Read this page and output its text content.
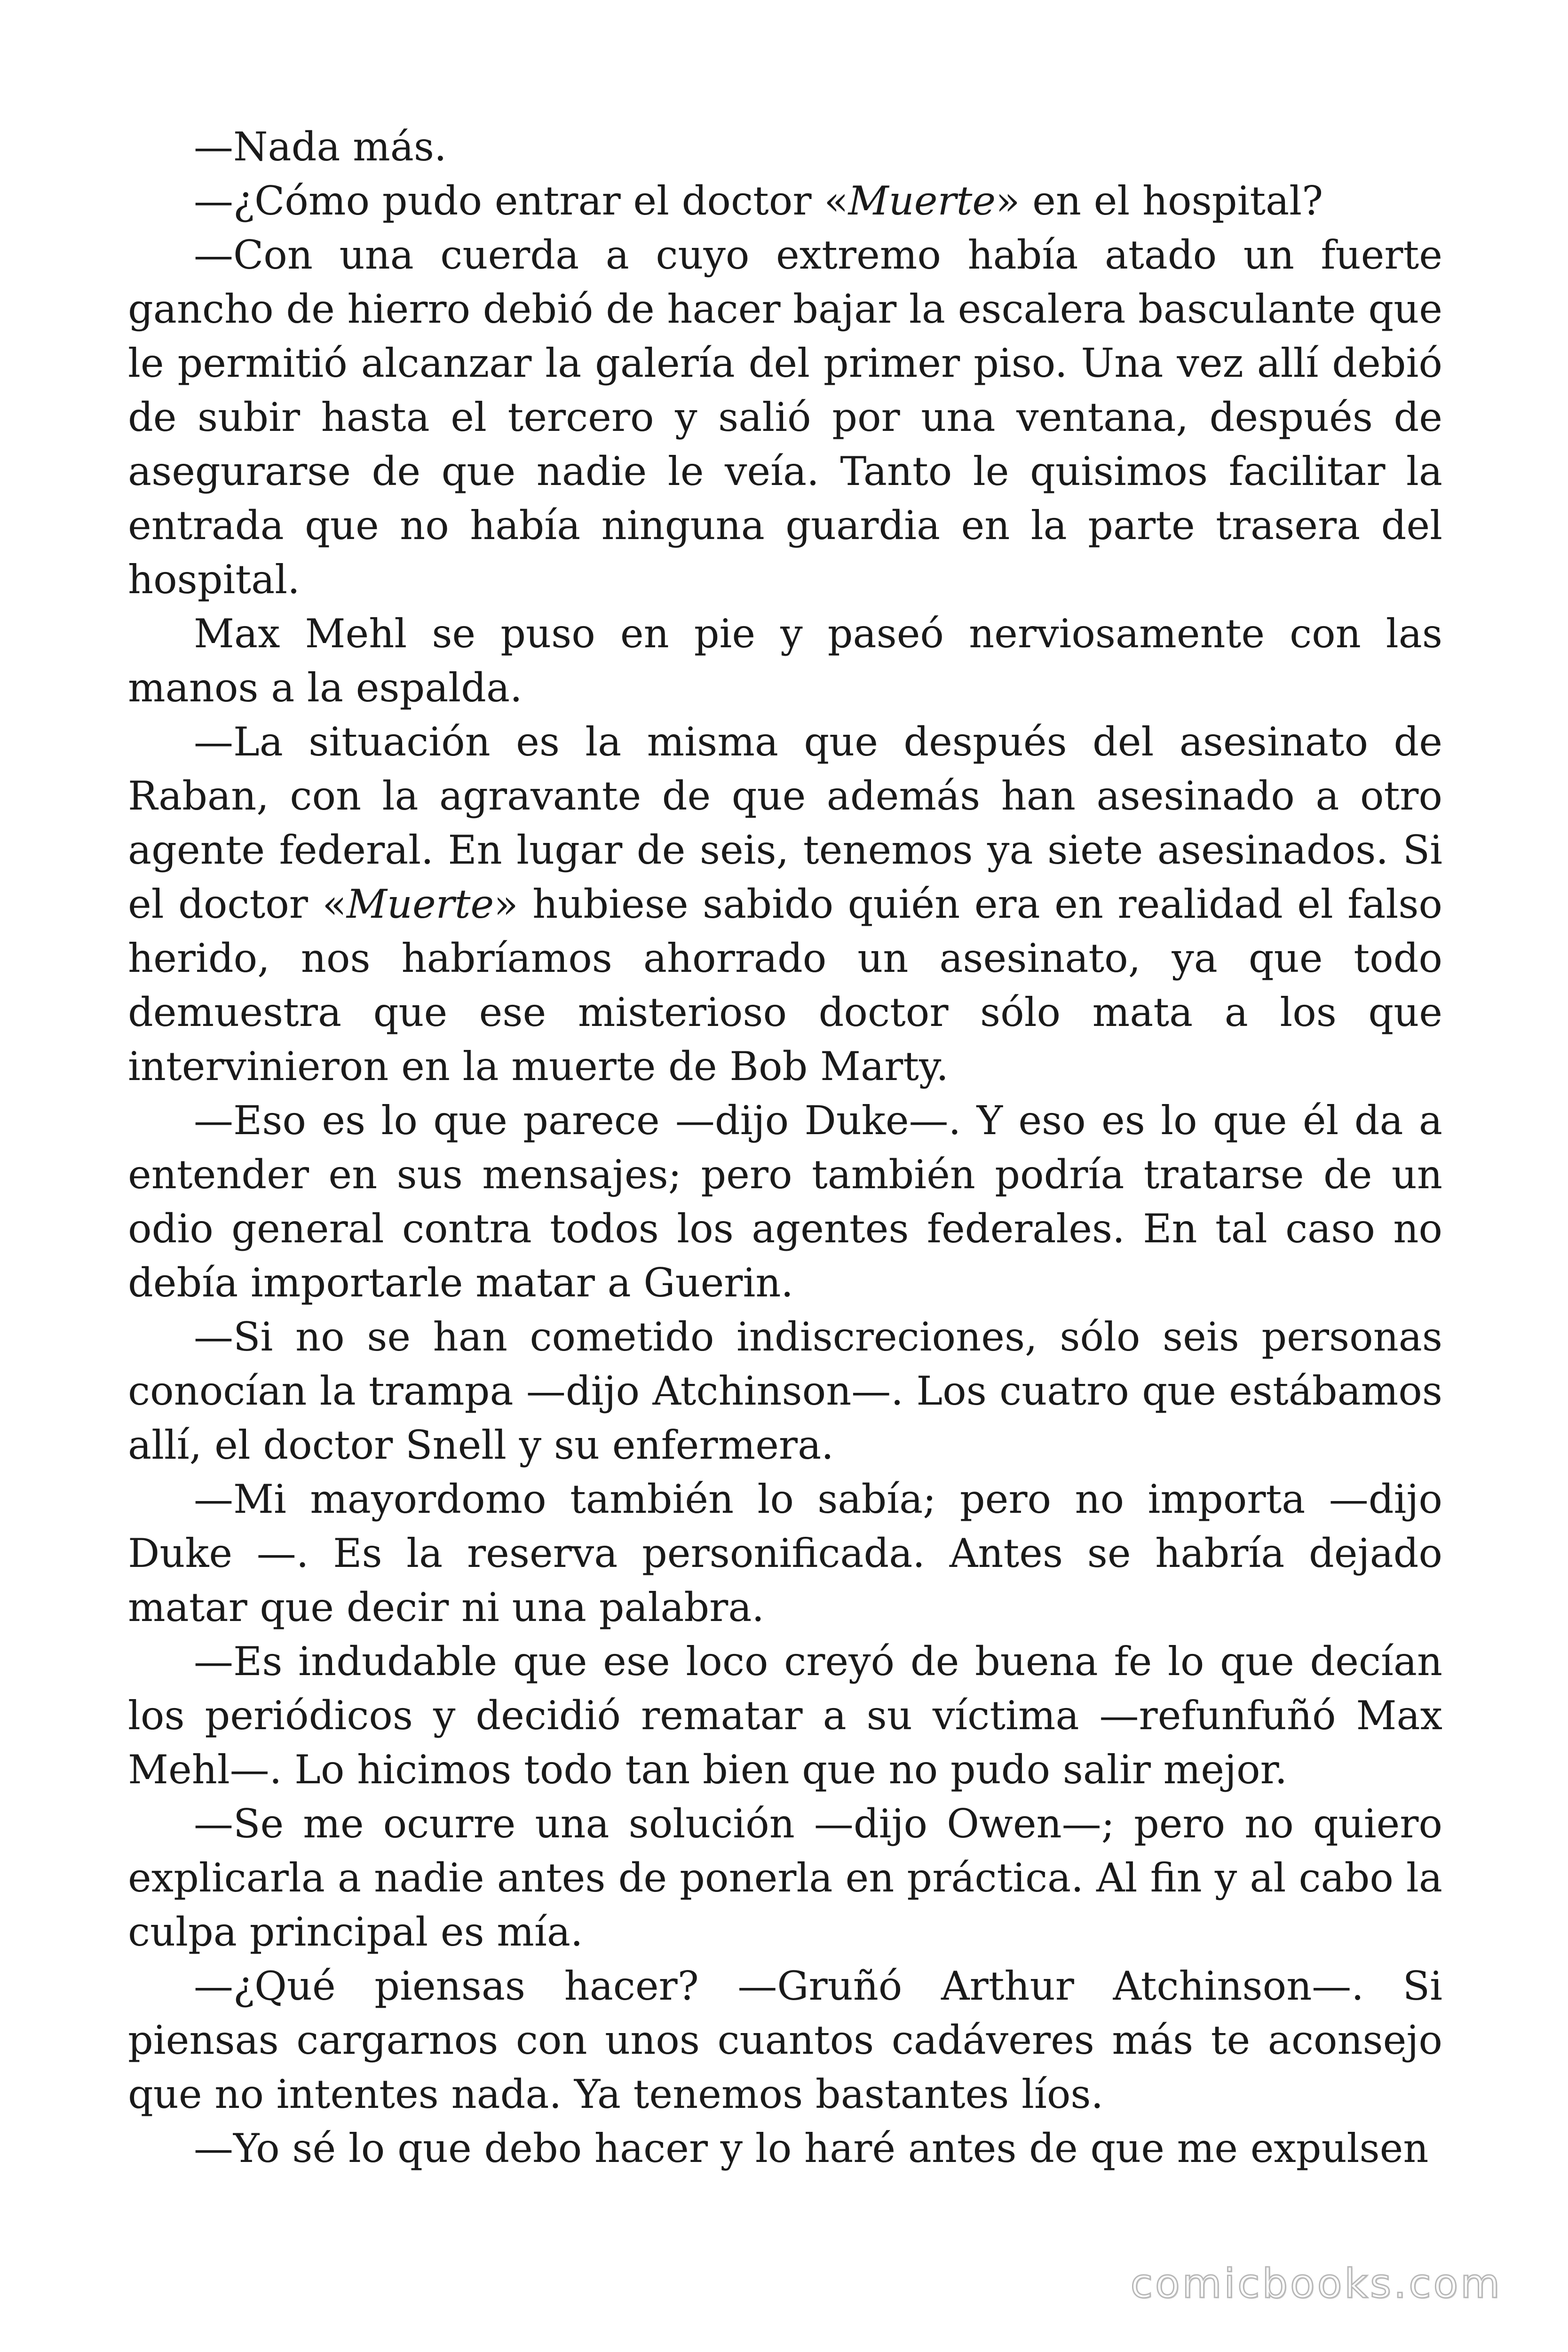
—Nada más.

—¿Cómo pudo entrar el doctor «Muerte» en el hospital?

—Con una cuerda a cuyo extremo había atado un fuerte gancho de hierro debió de hacer bajar la escalera basculante que le permitió alcanzar la galería del primer piso. Una vez allí debió de subir hasta el tercero y salió por una ventana, después de asegurarse de que nadie le veía. Tanto le quisimos facilitar la entrada que no había ninguna guardia en la parte trasera del hospital.

Max Mehl se puso en pie y paseó nerviosamente con las manos a la espalda.

—La situación es la misma que después del asesinato de Raban, con la agravante de que además han asesinado a otro agente federal. En lugar de seis, tenemos ya siete asesinados. Si el doctor «Muerte» hubiese sabido quién era en realidad el falso herido, nos habríamos ahorrado un asesinato, ya que todo demuestra que ese misterioso doctor sólo mata a los que intervinieron en la muerte de Bob Marty.

—Eso es lo que parece —dijo Duke—. Y eso es lo que él da a entender en sus mensajes; pero también podría tratarse de un odio general contra todos los agentes federales. En tal caso no debía importarle matar a Guerin.

—Si no se han cometido indiscreciones, sólo seis personas conocían la trampa —dijo Atchinson—. Los cuatro que estábamos allí, el doctor Snell y su enfermera.

—Mi mayordomo también lo sabía; pero no importa —dijo Duke —. Es la reserva personificada. Antes se habría dejado matar que decir ni una palabra.

—Es indudable que ese loco creyó de buena fe lo que decían los periódicos y decidió rematar a su víctima —refunfuñó Max Mehl—. Lo hicimos todo tan bien que no pudo salir mejor.

—Se me ocurre una solución —dijo Owen—; pero no quiero explicarla a nadie antes de ponerla en práctica. Al fin y al cabo la culpa principal es mía.

—¿Qué piensas hacer? —Gruñó Arthur Atchinson—. Si piensas cargarnos con unos cuantos cadáveres más te aconsejo que no intentes nada. Ya tenemos bastantes líos.

—Yo sé lo que debo hacer y lo haré antes de que me expulsen

comicbooks.com
